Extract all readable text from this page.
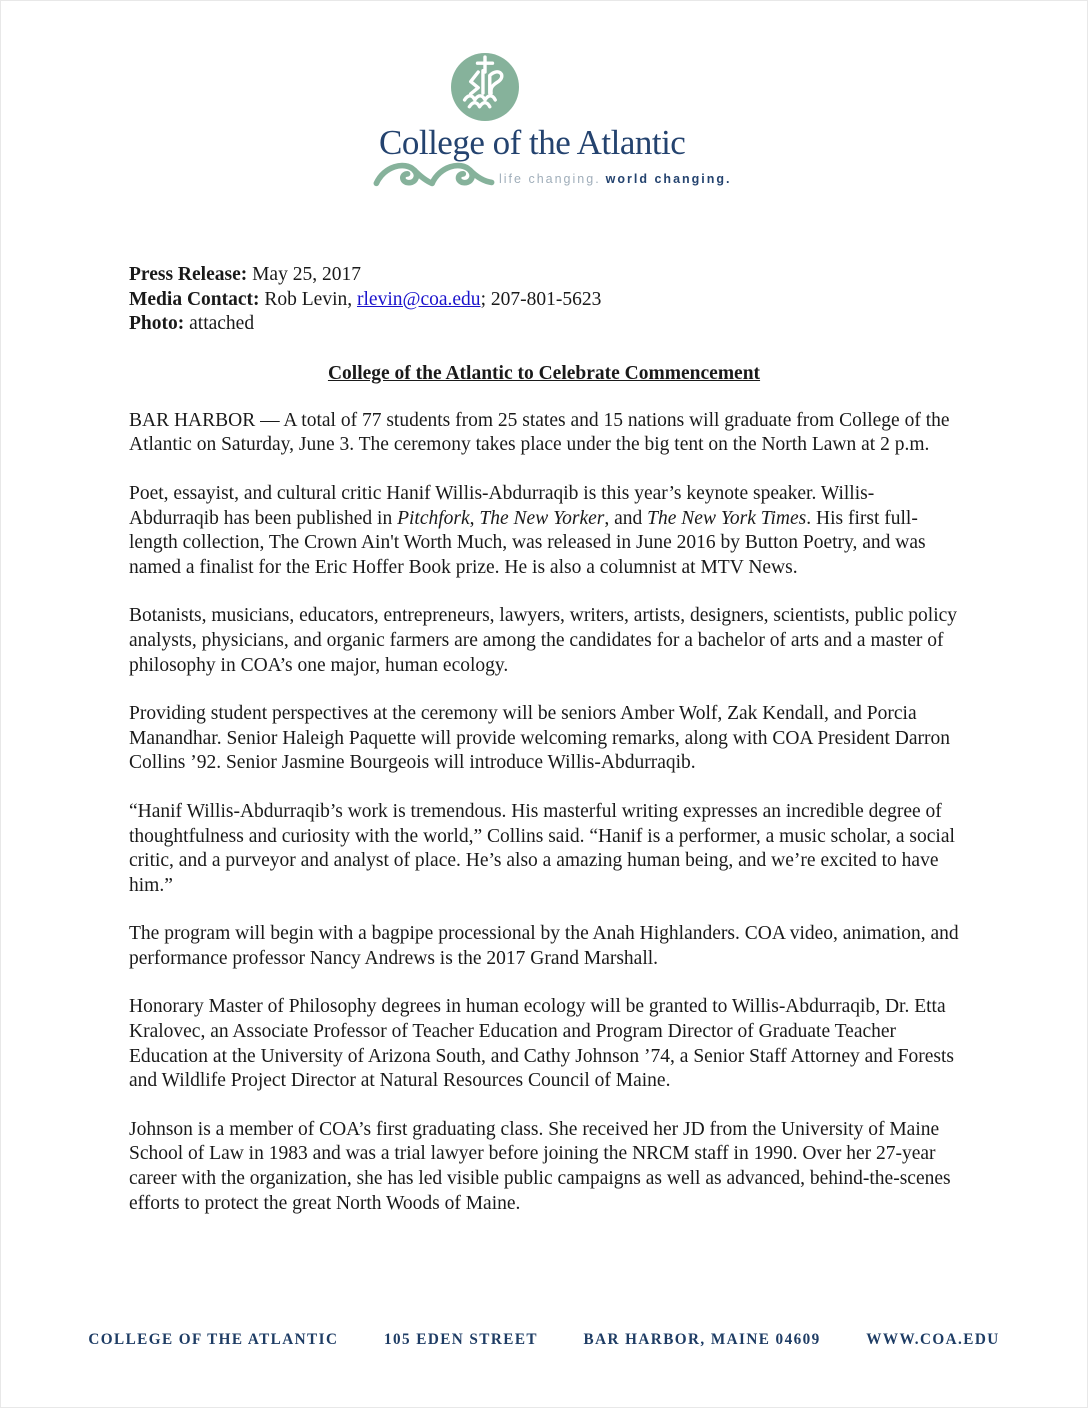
College of the Atlantic
life changing. world changing.
Press Release: May 25, 2017
Media Contact: Rob Levin, rlevin@coa.edu; 207-801-5623
Photo: attached
College of the Atlantic to Celebrate Commencement

BAR HARBOR — A total of 77 students from 25 states and 15 nations will graduate from College of the Atlantic on Saturday, June 3. The ceremony takes place under the big tent on the North Lawn at 2 p.m.

Poet, essayist, and cultural critic Hanif Willis-Abdurraqib is this year’s keynote speaker. Willis-Abdurraqib has been published in Pitchfork, The New Yorker, and The New York Times. His first full-length collection, The Crown Ain't Worth Much, was released in June 2016 by Button Poetry, and was named a finalist for the Eric Hoffer Book prize. He is also a columnist at MTV News.

Botanists, musicians, educators, entrepreneurs, lawyers, writers, artists, designers, scientists, public policy analysts, physicians, and organic farmers are among the candidates for a bachelor of arts and a master of philosophy in COA’s one major, human ecology.

Providing student perspectives at the ceremony will be seniors Amber Wolf, Zak Kendall, and Porcia Manandhar. Senior Haleigh Paquette will provide welcoming remarks, along with COA President Darron Collins ’92. Senior Jasmine Bourgeois will introduce Willis-Abdurraqib.

“Hanif Willis-Abdurraqib’s work is tremendous. His masterful writing expresses an incredible degree of thoughtfulness and curiosity with the world,” Collins said. “Hanif is a performer, a music scholar, a social critic, and a purveyor and analyst of place. He’s also a amazing human being, and we’re excited to have him.”

The program will begin with a bagpipe processional by the Anah Highlanders. COA video, animation, and performance professor Nancy Andrews is the 2017 Grand Marshall.

Honorary Master of Philosophy degrees in human ecology will be granted to Willis-Abdurraqib, Dr. Etta Kralovec, an Associate Professor of Teacher Education and Program Director of Graduate Teacher Education at the University of Arizona South, and Cathy Johnson ’74, a Senior Staff Attorney and Forests and Wildlife Project Director at Natural Resources Council of Maine.

Johnson is a member of COA’s first graduating class. She received her JD from the University of Maine School of Law in 1983 and was a trial lawyer before joining the NRCM staff in 1990. Over her 27-year career with the organization, she has led visible public campaigns as well as advanced, behind-the-scenes efforts to protect the great North Woods of Maine.

COLLEGE OF THE ATLANTIC	105 EDEN STREET	BAR HARBOR, MAINE 04609	WWW.COA.EDU
